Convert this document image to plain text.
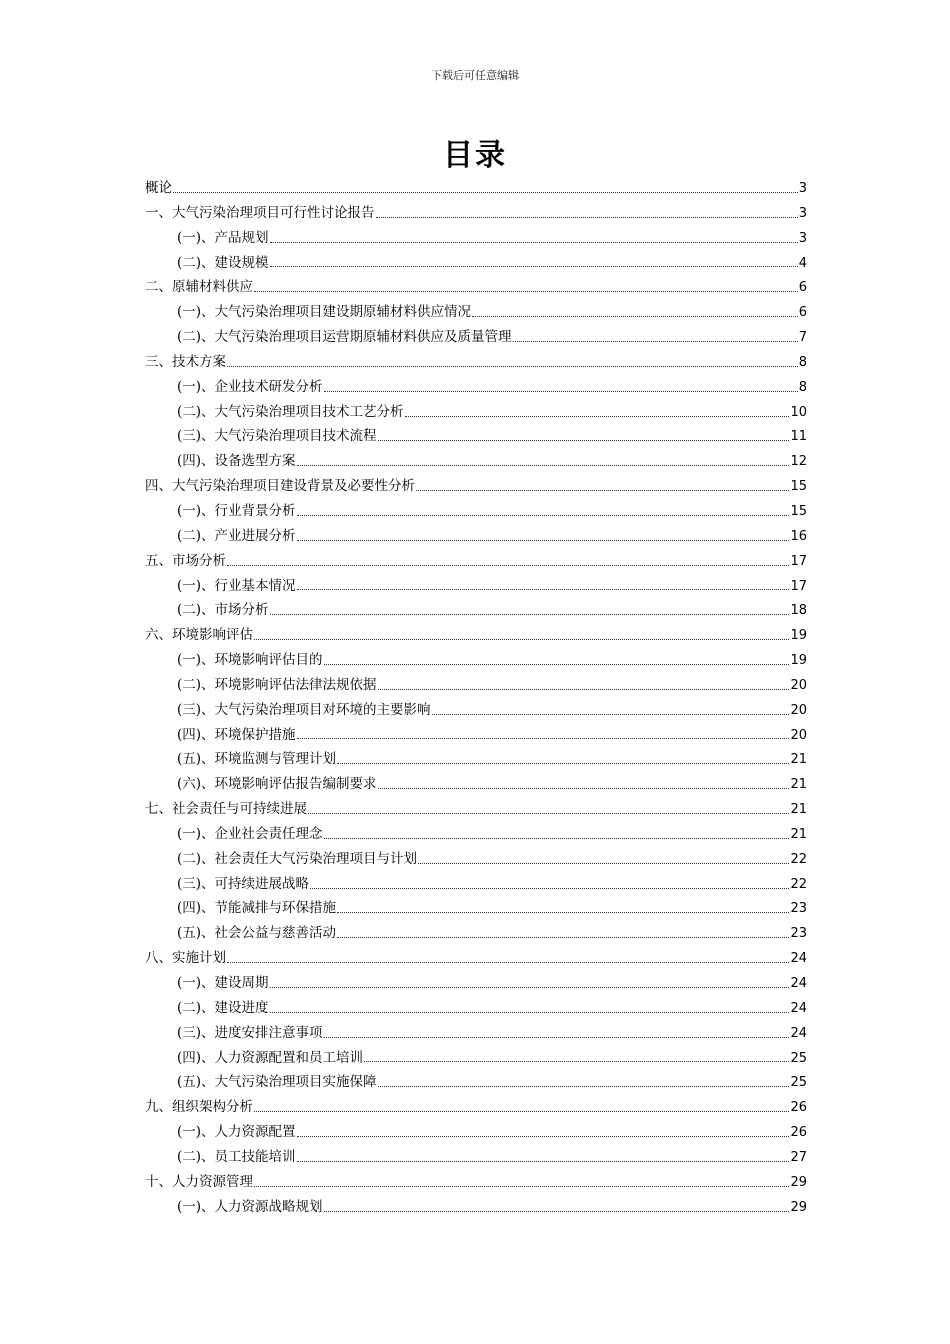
下载后可任意编辑
目录
概论	3
一、大气污染治理项目可行性讨论报告	3
(一)、产品规划	3
(二)、建设规模	4
二、原辅材料供应	6
(一)、大气污染治理项目建设期原辅材料供应情况	6
(二)、大气污染治理项目运营期原辅材料供应及质量管理	7
三、技术方案	8
(一)、企业技术研发分析	8
(二)、大气污染治理项目技术工艺分析	10
(三)、大气污染治理项目技术流程	11
(四)、设备选型方案	12
四、大气污染治理项目建设背景及必要性分析	15
(一)、行业背景分析	15
(二)、产业进展分析	16
五、市场分析	17
(一)、行业基本情况	17
(二)、市场分析	18
六、环境影响评估	19
(一)、环境影响评估目的	19
(二)、环境影响评估法律法规依据	20
(三)、大气污染治理项目对环境的主要影响	20
(四)、环境保护措施	20
(五)、环境监测与管理计划	21
(六)、环境影响评估报告编制要求	21
七、社会责任与可持续进展	21
(一)、企业社会责任理念	21
(二)、社会责任大气污染治理项目与计划	22
(三)、可持续进展战略	22
(四)、节能减排与环保措施	23
(五)、社会公益与慈善活动	23
八、实施计划	24
(一)、建设周期	24
(二)、建设进度	24
(三)、进度安排注意事项	24
(四)、人力资源配置和员工培训	25
(五)、大气污染治理项目实施保障	25
九、组织架构分析	26
(一)、人力资源配置	26
(二)、员工技能培训	27
十、人力资源管理	29
(一)、人力资源战略规划	29
